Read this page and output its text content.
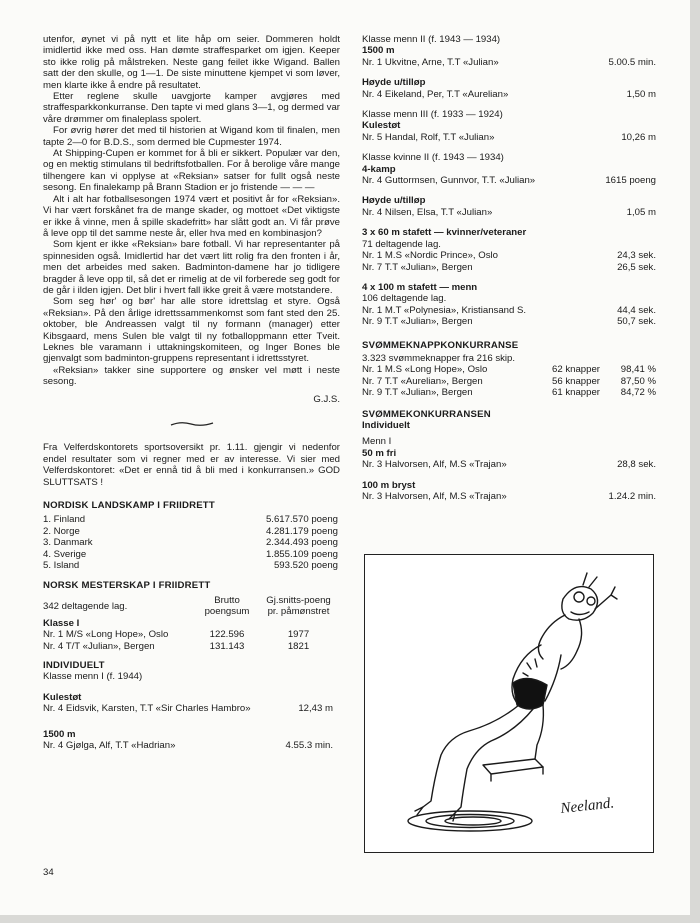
utenfor, øynet vi på nytt et lite håp om seier. Dommeren holdt imidlertid ikke med oss. Han dømte straffesparket om igjen. Keeper sto ikke rolig på målstreken. Neste gang feilet ikke Wigand. Ballen satt der den skulle, og 1—1. De siste minuttene kjempet vi som løver, men klarte ikke å endre på resultatet.

Etter reglene skulle uavgjorte kamper avgjøres med straffesparkkonkurranse. Den tapte vi med glans 3—1, og dermed var våre drømmer om finaleplass spolert.

For øvrig hører det med til historien at Wigand kom til finalen, men tapte 2—0 for B.D.S., som dermed ble Cupmester 1974.

At Shipping-Cupen er kommet for å bli er sikkert. Populær var den, og en mektig stimulans til bedriftsfotballen. For å berolige våre mange tilhengere kan vi opplyse at «Reksian» satser for fullt også neste sesong. En finalekamp på Brann Stadion er jo fristende — — —

Alt i alt har fotballsesongen 1974 vært et positivt år for «Reksian». Vi har vært forskånet fra de mange skader, og mottoet «Det viktigste er ikke å vinne, men å spille skadefritt» har slått godt an. Vi får prøve å leve opp til det samme neste år, eller hva med en kombinasjon?

Som kjent er ikke «Reksian» bare fotball. Vi har representanter på spinnesiden også. Imidlertid har det vært litt rolig fra den fronten i år, men det arbeides med saken. Badminton-damene har jo tidligere bragder å leve opp til, så det er rimelig at de vil forberede seg godt for de går i ilden igjen. Det blir i hvert fall ikke greit å være motstandere.

Som seg hør' og bør' har alle store idrettslag et styre. Også «Reksian». På den årlige idrettssammenkomst som fant sted den 25. oktober, ble Andreassen valgt til ny formann (manager) etter Kibsgaard, mens Sulen ble valgt til ny fotballoppmann etter Tveit. Leknes ble varamann i uttakningskomiteen, og Inger Bones ble gjenvalgt som badminton-gruppens representant i idrettsstyret.

«Reksian» takker sine supportere og ønsker vel møtt i neste sesong.

G.J.S.

Fra Velferdskontorets sportsoversikt pr. 1.11. gjengir vi nedenfor endel resultater som vi regner med er av interesse. Vi sier med Velferdskontoret: «Det er ennå tid å bli med i konkurransen.» GOD SLUTTSATS !

NORDISK LANDSKAMP I FRIIDRETT
1. Finland	5.617.570 poeng
2. Norge	4.281.179 poeng
3. Danmark	2.344.493 poeng
4. Sverige	1.855.109 poeng
5. Island	593.520 poeng
NORSK MESTERSKAP I FRIIDRETT
342 deltagende lag.
Brutto poengsum
Gj.snitts-poeng pr. påmønstret
Klasse I
Nr. 1 M/S «Long Hope», Oslo	122.596	1977
Nr. 4 T/T «Julian», Bergen	131.143	1821
INDIVIDUELT
Klasse menn I (f. 1944)
Kulestøt
Nr. 4 Eidsvik, Karsten, T.T «Sir Charles Hambro»	12,43 m
1500 m
Nr. 4 Gjølga, Alf, T.T «Hadrian»	4.55.3 min.
Klasse menn II (f. 1943 — 1934)
1500 m
Nr. 1 Ukvitne, Arne, T.T «Julian»	5.00.5 min.
Høyde u/tilløp
Nr. 4 Eikeland, Per, T.T «Aurelian»	1,50 m
Klasse menn III (f. 1933 — 1924)
Kulestøt
Nr. 5 Handal, Rolf, T.T «Julian»	10,26 m
Klasse kvinne II (f. 1943 — 1934)
4-kamp
Nr. 4 Guttormsen, Gunnvor, T.T. «Julian»	1615 poeng
Høyde u/tilløp
Nr. 4 Nilsen, Elsa, T.T «Julian»	1,05 m
3 x 60 m stafett — kvinner/veteraner
71 deltagende lag.
Nr. 1 M.S «Nordic Prince», Oslo	24,3 sek.
Nr. 7 T.T «Julian», Bergen	26,5 sek.
4 x 100 m stafett — menn
106 deltagende lag.
Nr. 1 M.T «Polynesia», Kristiansand S.	44,4 sek.
Nr. 9 T.T «Julian», Bergen	50,7 sek.
SVØMMEKNAPPKONKURRANSE
3.323 svømmeknapper fra 216 skip.
Nr. 1 M.S «Long Hope», Oslo	62 knapper	98,41 %
Nr. 7 T.T «Aurelian», Bergen	56 knapper	87,50 %
Nr. 9 T.T «Julian», Bergen	61 knapper	84,72 %
SVØMMEKONKURRANSEN
Individuelt
Menn I
50 m fri
Nr. 3 Halvorsen, Alf, M.S «Trajan»	28,8 sek.
100 m bryst
Nr. 3 Halvorsen, Alf, M.S «Trajan»	1.24.2 min.
Neeland.
34
